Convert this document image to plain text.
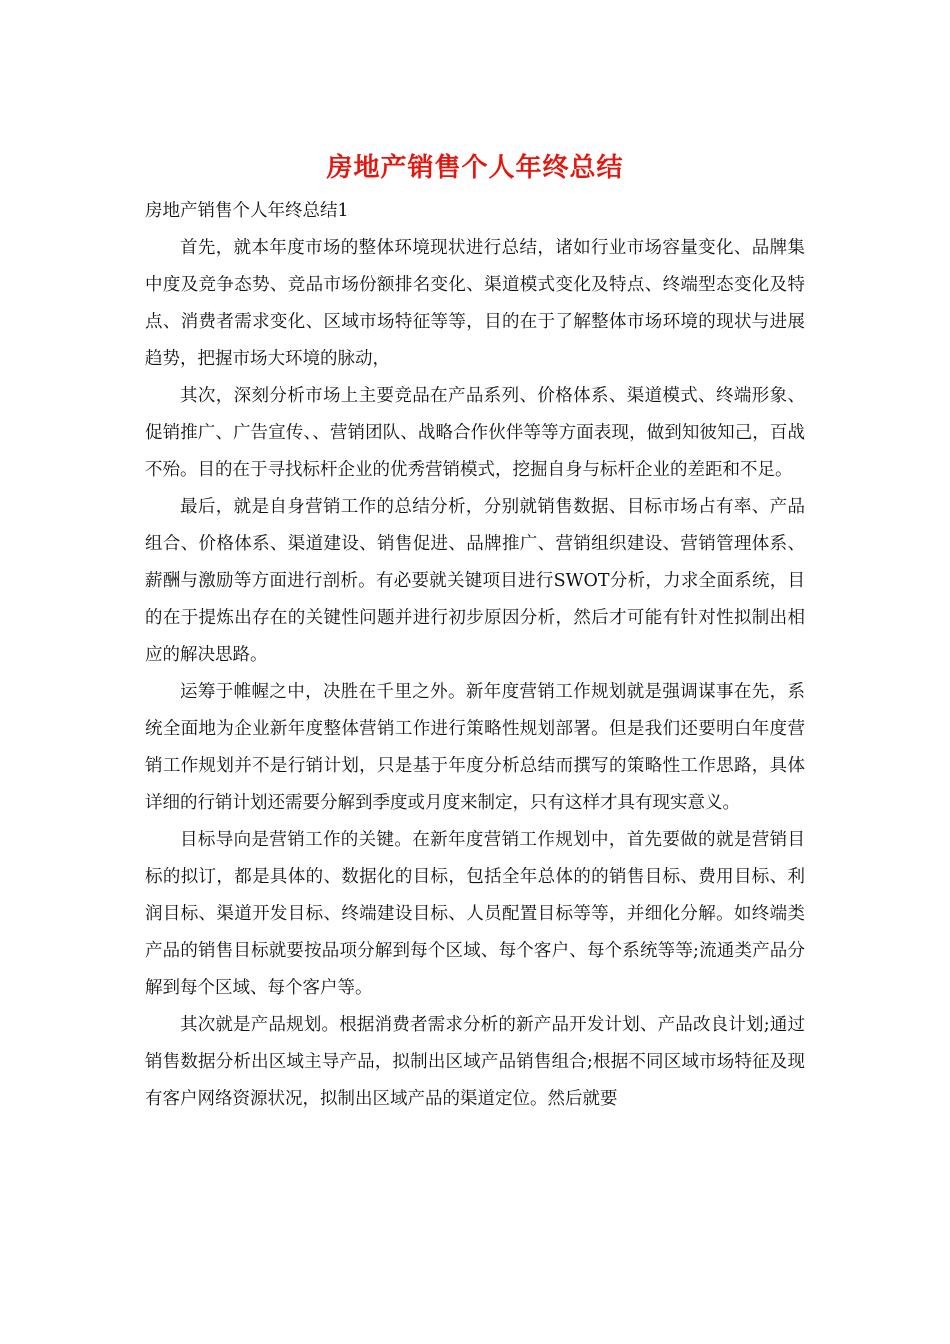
房地产销售个人年终总结

房地产销售个人年终总结1

首先，就本年度市场的整体环境现状进行总结，诸如行业市场容量变化、品牌集中度及竞争态势、竞品市场份额排名变化、渠道模式变化及特点、终端型态变化及特点、消费者需求变化、区域市场特征等等，目的在于了解整体市场环境的现状与进展趋势，把握市场大环境的脉动，

其次，深刻分析市场上主要竞品在产品系列、价格体系、渠道模式、终端形象、促销推广、广告宣传、、营销团队、战略合作伙伴等等方面表现，做到知彼知己，百战不殆。目的在于寻找标杆企业的优秀营销模式，挖掘自身与标杆企业的差距和不足。

最后，就是自身营销工作的总结分析，分别就销售数据、目标市场占有率、产品组合、价格体系、渠道建设、销售促进、品牌推广、营销组织建设、营销管理体系、薪酬与激励等方面进行剖析。有必要就关键项目进行SWOT分析，力求全面系统，目的在于提炼出存在的关键性问题并进行初步原因分析，然后才可能有针对性拟制出相应的解决思路。

运筹于帷幄之中，决胜在千里之外。新年度营销工作规划就是强调谋事在先，系统全面地为企业新年度整体营销工作进行策略性规划部署。但是我们还要明白年度营销工作规划并不是行销计划，只是基于年度分析总结而撰写的策略性工作思路，具体详细的行销计划还需要分解到季度或月度来制定，只有这样才具有现实意义。

目标导向是营销工作的关键。在新年度营销工作规划中，首先要做的就是营销目标的拟订，都是具体的、数据化的目标，包括全年总体的的销售目标、费用目标、利润目标、渠道开发目标、终端建设目标、人员配置目标等等，并细化分解。如终端类产品的销售目标就要按品项分解到每个区域、每个客户、每个系统等等;流通类产品分解到每个区域、每个客户等。

其次就是产品规划。根据消费者需求分析的新产品开发计划、产品改良计划;通过销售数据分析出区域主导产品，拟制出区域产品销售组合;根据不同区域市场特征及现有客户网络资源状况，拟制出区域产品的渠道定位。然后就要
